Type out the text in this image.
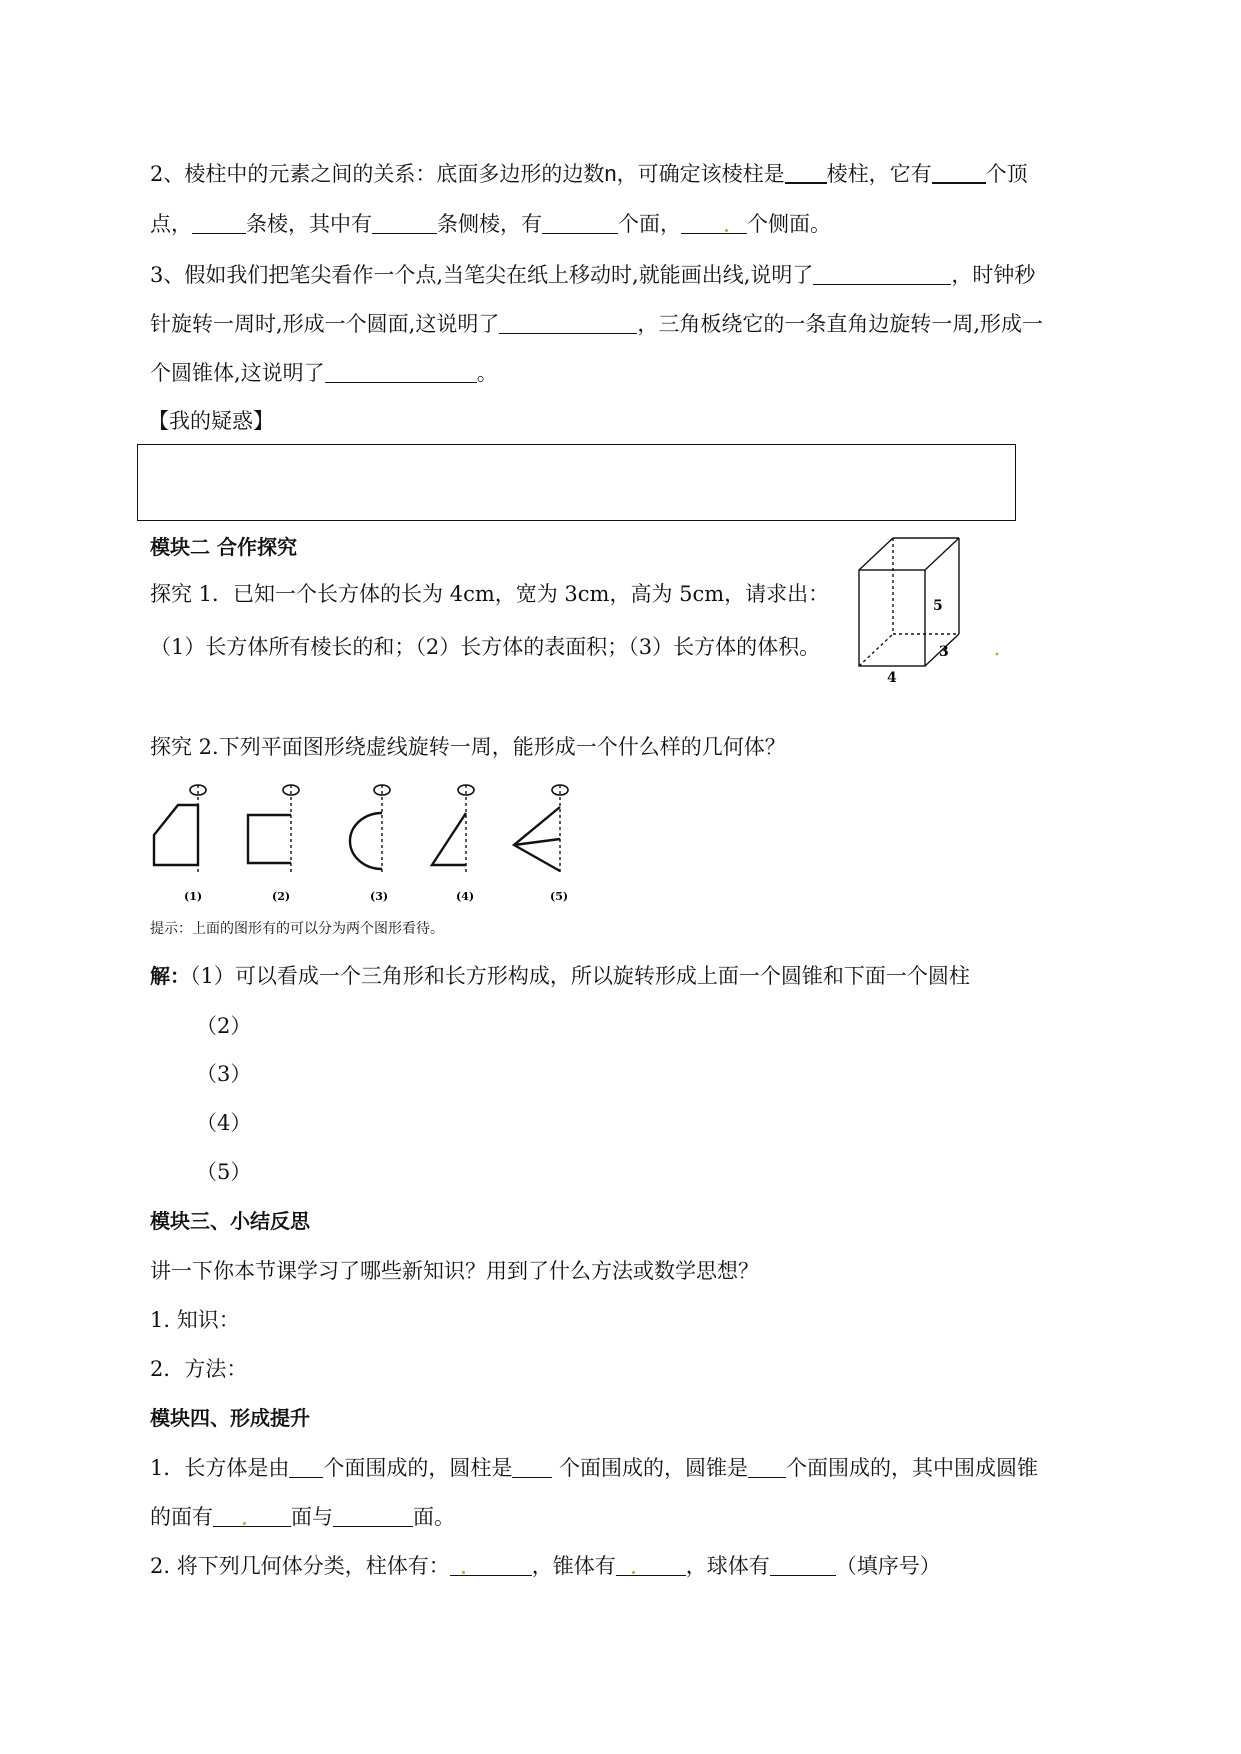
2、棱柱中的元素之间的关系：底面多边形的边数n，可确定该棱柱是 棱柱，它有	个顶
点，	条棱，其中有	条侧棱，有	个面，	个侧面。
3、假如我们把笔尖看作一个点,当笔尖在纸上移动时,就能画出线,说明了	，时钟秒
针旋转一周时,形成一个圆面,这说明了	，三角板绕它的一条直角边旋转一周,形成一
个圆锥体,这说明了	。
【我的疑惑】
模块二 合作探究
探究 1．已知一个长方体的长为 4cm，宽为 3cm，高为 5cm，请求出：
（1）长方体所有棱长的和；（2）长方体的表面积；（3）长方体的体积。
5
3
4
探究 2.下列平面图形绕虚线旋转一周，能形成一个什么样的几何体？
(1)	(2)	(3)	(4)	(5)
提示：上面的图形有的可以分为两个图形看待。
解：（1）可以看成一个三角形和长方形构成，所以旋转形成上面一个圆锥和下面一个圆柱
（2）
（3）
（4）
（5）
模块三、小结反思
讲一下你本节课学习了哪些新知识？用到了什么方法或数学思想？
1. 知识：
2．方法：
模块四、形成提升
1．长方体是由 个面围成的，圆柱是 个面围成的，圆锥是 个面围成的，其中围成圆锥
的面有	面与	面。
2. 将下列几何体分类，柱体有：	，锥体有	，球体有	（填序号）
